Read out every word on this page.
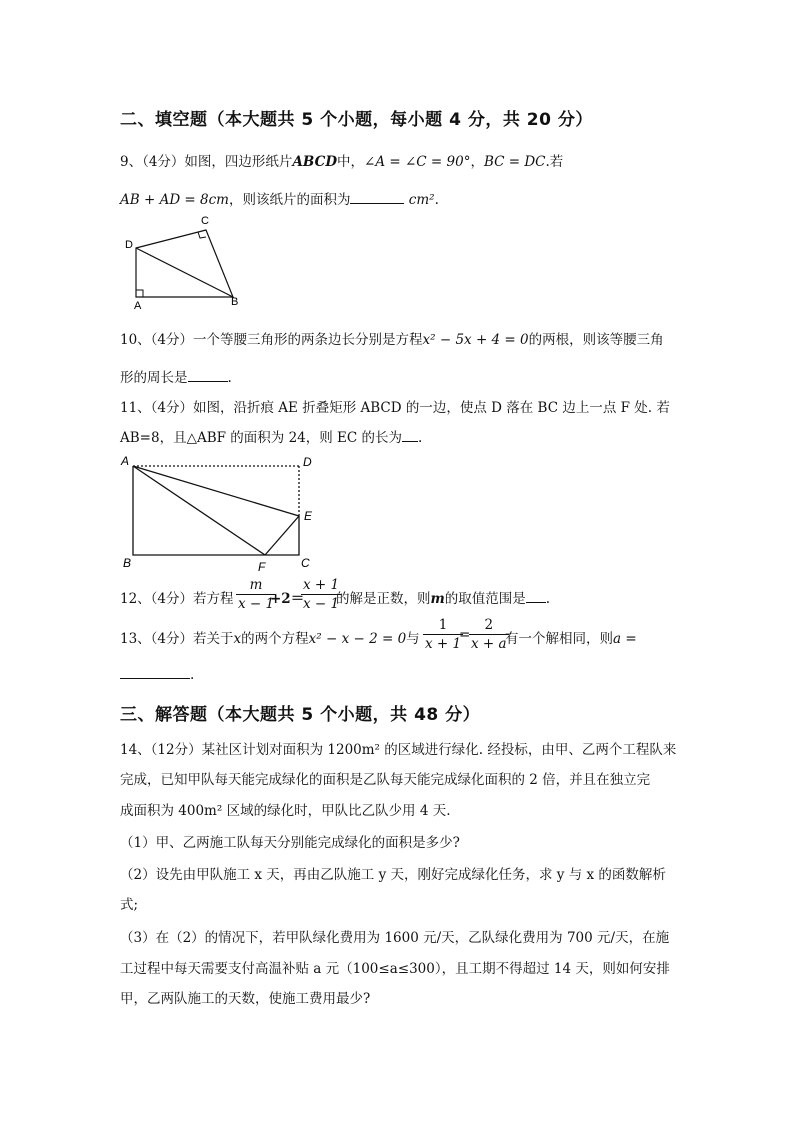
二、填空题（本大题共 5 个小题，每小题 4 分，共 20 分）
9、（4分）如图，四边形纸片ABCD中，∠A = ∠C = 90°，BC = DC.若
AB + AD = 8cm，则该纸片的面积为	cm².
D
C
A	B
10、（4分）一个等腰三角形的两条边长分别是方程x² − 5x + 4 = 0的两根，则该等腰三角
形的周长是	.
11、（4分）如图，沿折痕 AE 折叠矩形 ABCD 的一边，使点 D 落在 BC 边上一点 F 处. 若
AB=8，且△ABF 的面积为 24，则 EC 的长为 .
A	D
E
B	F	C
12、（4分）若方程 $\frac{m}{x - 1}$
+2＝
$\frac{x + 1}{x - 1}$
的解是正数，则m的取值范围是 .
13、（4分）若关于x的两个方程x² − x − 2 = 0与 $\frac{1}{x + 1}$
=
$\frac{2}{x + a}$
有一个解相同，则a =
.
三、解答题（本大题共 5 个小题，共 48 分）
14、（12分）某社区计划对面积为 1200m² 的区域进行绿化. 经投标，由甲、乙两个工程队来
完成，已知甲队每天能完成绿化的面积是乙队每天能完成绿化面积的 2 倍，并且在独立完
成面积为 400m² 区域的绿化时，甲队比乙队少用 4 天.
（1）甲、乙两施工队每天分别能完成绿化的面积是多少?
（2）设先由甲队施工 x 天，再由乙队施工 y 天，刚好完成绿化任务，求 y 与 x 的函数解析
式;
（3）在（2）的情况下，若甲队绿化费用为 1600 元/天，乙队绿化费用为 700 元/天，在施
工过程中每天需要支付高温补贴 a 元（100≤a≤300），且工期不得超过 14 天，则如何安排
甲，乙两队施工的天数，使施工费用最少?
